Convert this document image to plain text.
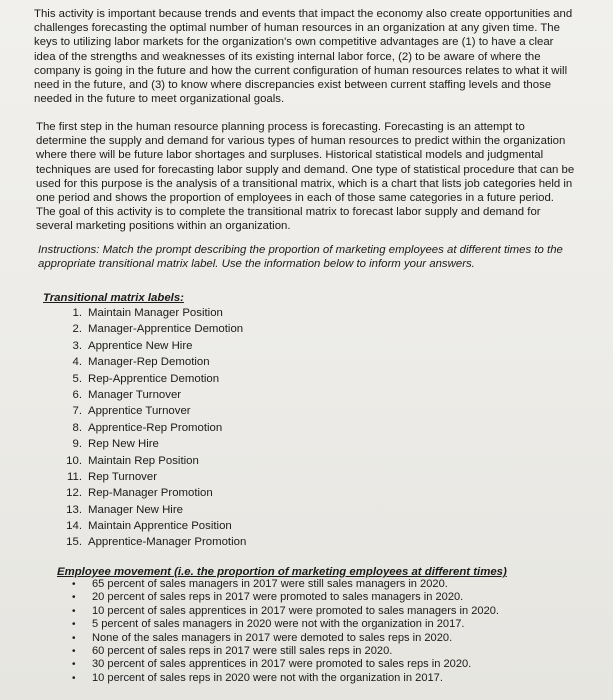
This activity is important because trends and events that impact the economy also create opportunities and challenges forecasting the optimal number of human resources in an organization at any given time. The keys to utilizing labor markets for the organization's own competitive advantages are (1) to have a clear idea of the strengths and weaknesses of its existing internal labor force, (2) to be aware of where the company is going in the future and how the current configuration of human resources relates to what it will need in the future, and (3) to know where discrepancies exist between current staffing levels and those needed in the future to meet organizational goals.

The first step in the human resource planning process is forecasting. Forecasting is an attempt to determine the supply and demand for various types of human resources to predict within the organization where there will be future labor shortages and surpluses. Historical statistical models and judgmental techniques are used for forecasting labor supply and demand. One type of statistical procedure that can be used for this purpose is the analysis of a transitional matrix, which is a chart that lists job categories held in one period and shows the proportion of employees in each of those same categories in a future period. The goal of this activity is to complete the transitional matrix to forecast labor supply and demand for several marketing positions within an organization.

Instructions: Match the prompt describing the proportion of marketing employees at different times to the appropriate transitional matrix label. Use the information below to inform your answers.

Transitional matrix labels:

1. Maintain Manager Position
2. Manager-Apprentice Demotion
3. Apprentice New Hire
4. Manager-Rep Demotion
5. Rep-Apprentice Demotion
6. Manager Turnover
7. Apprentice Turnover
8. Apprentice-Rep Promotion
9. Rep New Hire
10. Maintain Rep Position
11. Rep Turnover
12. Rep-Manager Promotion
13. Manager New Hire
14. Maintain Apprentice Position
15. Apprentice-Manager Promotion

Employee movement (i.e. the proportion of marketing employees at different times)

• 65 percent of sales managers in 2017 were still sales managers in 2020.
• 20 percent of sales reps in 2017 were promoted to sales managers in 2020.
• 10 percent of sales apprentices in 2017 were promoted to sales managers in 2020.
• 5 percent of sales managers in 2020 were not with the organization in 2017.
• None of the sales managers in 2017 were demoted to sales reps in 2020.
• 60 percent of sales reps in 2017 were still sales reps in 2020.
• 30 percent of sales apprentices in 2017 were promoted to sales reps in 2020.
• 10 percent of sales reps in 2020 were not with the organization in 2017.
